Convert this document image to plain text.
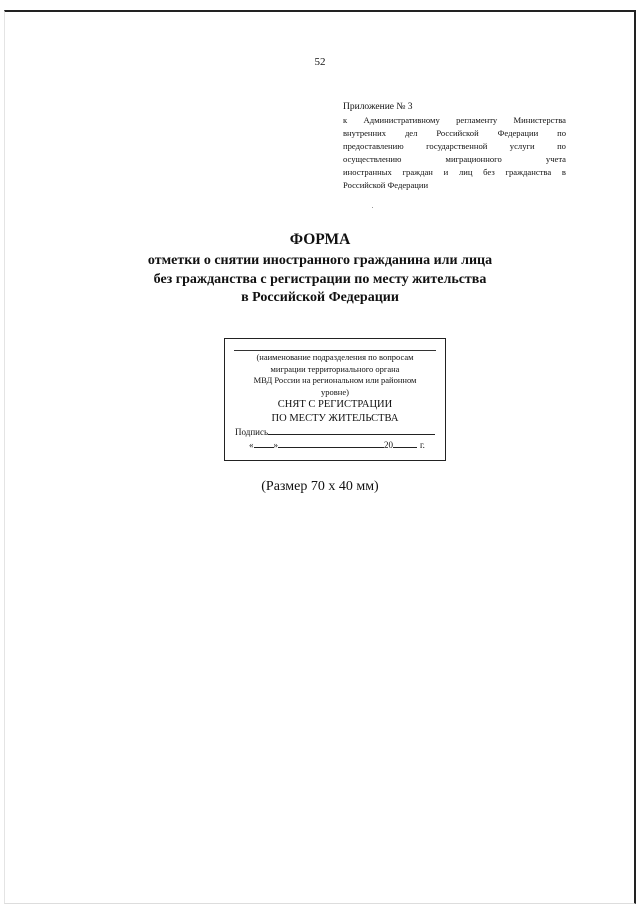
52
Приложение № 3
к Административному регламенту Министерства
внутренних дел Российской Федерации по
предоставлению	государственной	услуги	по
осуществлению	миграционного	учета
иностранных граждан и лиц без гражданства в
Российской Федерации
ФОРМА
отметки о снятии иностранного гражданина или лица
без гражданства с регистрации по месту жительства
в Российской Федерации
(наименование подразделения по вопросам
миграции территориального органа
МВД России на региональном или районном
уровне)
СНЯТ С РЕГИСТРАЦИИ
ПО МЕСТУ ЖИТЕЛЬСТВА
Подпись
« »	20	г.
(Размер 70 х 40 мм)
